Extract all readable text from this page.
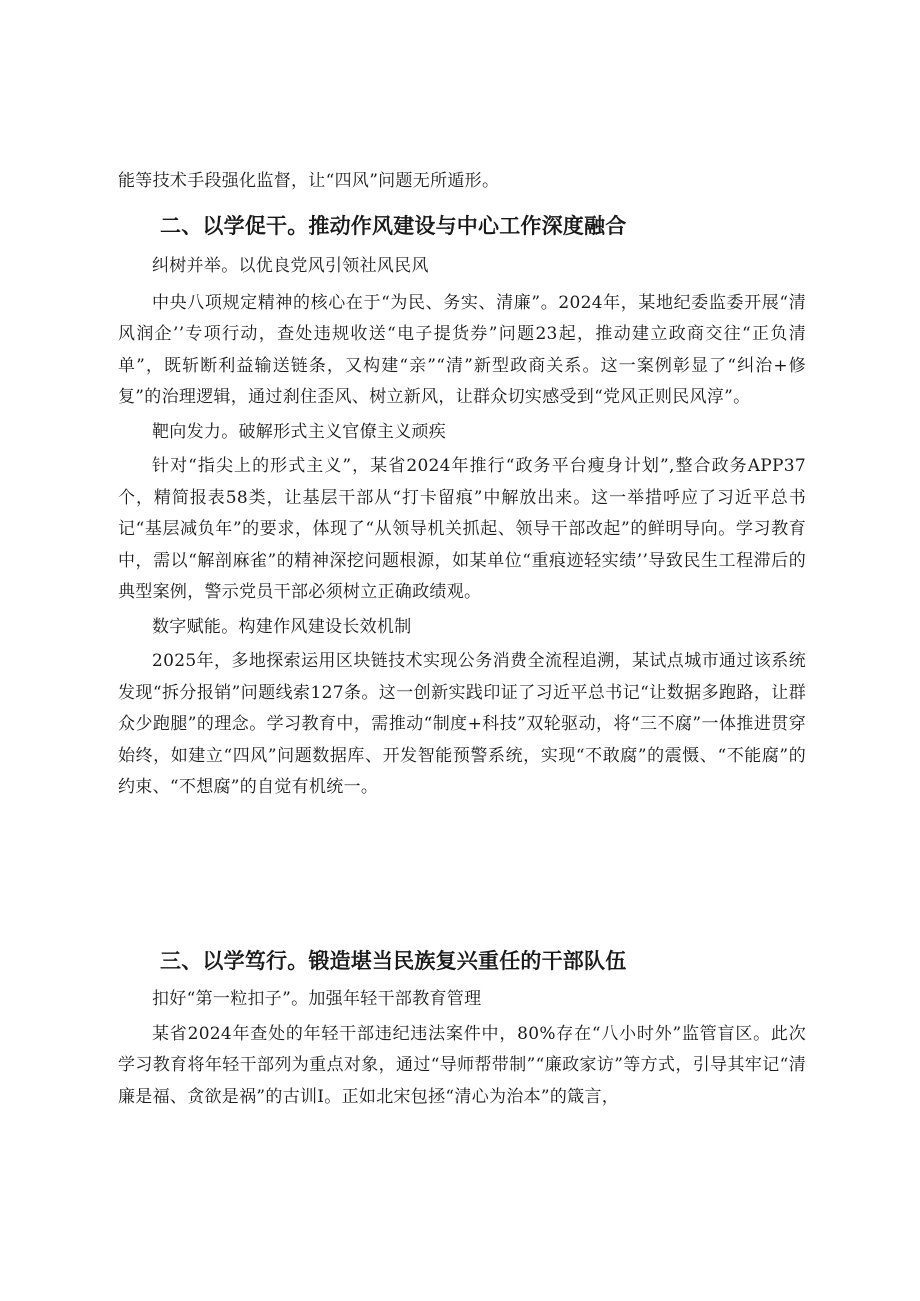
能等技术手段强化监督，让“四风”问题无所遁形。

二、以学促干。推动作风建设与中心工作深度融合

纠树并举。以优良党风引领社风民风

中央八项规定精神的核心在于“为民、务实、清廉”。2024年，某地纪委监委开展“清风润企’’专项行动，查处违规收送“电子提货券”问题23起，推动建立政商交往“正负清单”，既斩断利益输送链条，又构建“亲”“清”新型政商关系。这一案例彰显了“纠治+修复”的治理逻辑，通过刹住歪风、树立新风，让群众切实感受到“党风正则民风淳”。

靶向发力。破解形式主义官僚主义顽疾

针对“指尖上的形式主义”，某省2024年推行“政务平台瘦身计划”,整合政务APP37个，精简报表58类，让基层干部从“打卡留痕”中解放出来。这一举措呼应了习近平总书记“基层减负年”的要求，体现了“从领导机关抓起、领导干部改起”的鲜明导向。学习教育中，需以“解剖麻雀”的精神深挖问题根源，如某单位“重痕迹轻实绩’’导致民生工程滞后的典型案例，警示党员干部必须树立正确政绩观。

数字赋能。构建作风建设长效机制

2025年，多地探索运用区块链技术实现公务消费全流程追溯，某试点城市通过该系统发现“拆分报销”问题线索127条。这一创新实践印证了习近平总书记“让数据多跑路，让群众少跑腿”的理念。学习教育中，需推动“制度+科技”双轮驱动，将“三不腐”一体推进贯穿始终，如建立“四风”问题数据库、开发智能预警系统，实现“不敢腐”的震慑、“不能腐”的约束、“不想腐”的自觉有机统一。

三、以学笃行。锻造堪当民族复兴重任的干部队伍

扣好“第一粒扣子”。加强年轻干部教育管理

某省2024年查处的年轻干部违纪违法案件中，80%存在“八小时外”监管盲区。此次学习教育将年轻干部列为重点对象，通过“导师帮带制”“廉政家访”等方式，引导其牢记“清廉是福、贪欲是祸”的古训I。正如北宋包拯“清心为治本”的箴言，
